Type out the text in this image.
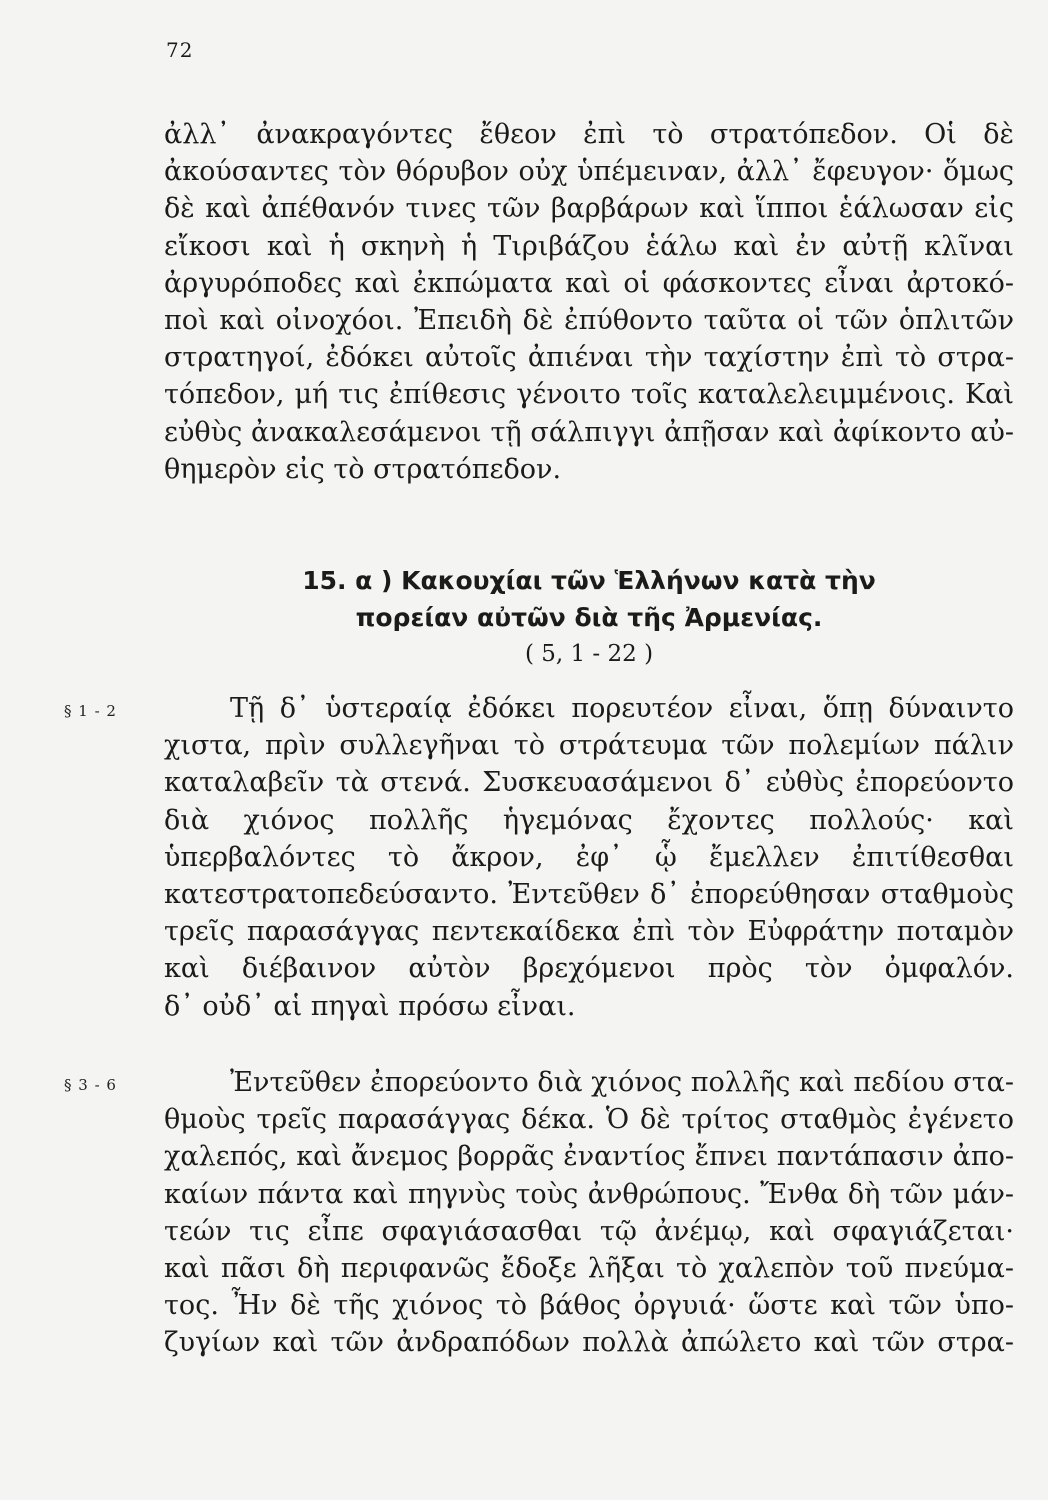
72
ἀλλ᾽ ἀνακραγόντες ἔθεον ἐπὶ τὸ στρατόπεδον. Οἱ δὲ
ἀκούσαντες τὸν θόρυβον οὐχ ὑπέμειναν, ἀλλ᾽ ἔφευγον· ὅμως
δὲ καὶ ἀπέθανόν τινες τῶν βαρβάρων καὶ ἵπποι ἑάλωσαν εἰς
εἴκοσι καὶ ἡ σκηνὴ ἡ Τιριβάζου ἑάλω καὶ ἐν αὐτῇ κλῖναι
ἀργυρόποδες καὶ ἐκπώματα καὶ οἱ φάσκοντες εἶναι ἀρτοκό-
ποὶ καὶ οἰνοχόοι. Ἐπειδὴ δὲ ἐπύθοντο ταῦτα οἱ τῶν ὁπλιτῶν
στρατηγοί, ἐδόκει αὐτοῖς ἀπιέναι τὴν ταχίστην ἐπὶ τὸ στρα-
τόπεδον, μή τις ἐπίθεσις γένοιτο τοῖς καταλελειμμένοις. Καὶ
εὐθὺς ἀνακαλεσάμενοι τῇ σάλπιγγι ἀπῇσαν καὶ ἀφίκοντο αὐ-
θημερὸν εἰς τὸ στρατόπεδον.
15. α ) Κακουχίαι τῶν Ἑλλήνων κατὰ τὴν
πορείαν αὐτῶν διὰ τῆς Ἀρμενίας.
( 5, 1 - 22 )
§ 1 - 2	Τῇ δ᾽ ὑστεραίᾳ ἐδόκει πορευτέον εἶναι, ὅπῃ δύναιντο
χιστα, πρὶν συλλεγῆναι τὸ στράτευμα τῶν πολεμίων πάλιν
καταλαβεῖν τὰ στενά. Συσκευασάμενοι δ᾽ εὐθὺς ἐπορεύοντο
διὰ χιόνος πολλῆς ἡγεμόνας ἔχοντες πολλούς· καὶ
ὑπερβαλόντες τὸ ἄκρον, ἐφ᾽ ᾧ ἔμελλεν ἐπιτίθεσθαι
κατεστρατοπεδεύσαντο. Ἐντεῦθεν δ᾽ ἐπορεύθησαν σταθμοὺς
τρεῖς παρασάγγας πεντεκαίδεκα ἐπὶ τὸν Εὐφράτην ποταμὸν
καὶ διέβαινον αὐτὸν βρεχόμενοι πρὸς τὸν ὀμφαλόν.
δ᾽ οὐδ᾽ αἱ πηγαὶ πρόσω εἶναι.
§ 3 - 6	Ἐντεῦθεν ἐπορεύοντο διὰ χιόνος πολλῆς καὶ πεδίου στα-
θμοὺς τρεῖς παρασάγγας δέκα. Ὁ δὲ τρίτος σταθμὸς ἐγένετο
χαλεπός, καὶ ἄνεμος βορρᾶς ἐναντίος ἔπνει παντάπασιν ἀπο-
καίων πάντα καὶ πηγνὺς τοὺς ἀνθρώπους. Ἔνθα δὴ τῶν μάν-
τεών τις εἶπε σφαγιάσασθαι τῷ ἀνέμῳ, καὶ σφαγιάζεται·
καὶ πᾶσι δὴ περιφανῶς ἔδοξε λῆξαι τὸ χαλεπὸν τοῦ πνεύμα-
τος. Ἦν δὲ τῆς χιόνος τὸ βάθος ὀργυιά· ὥστε καὶ τῶν ὑπο-
ζυγίων καὶ τῶν ἀνδραπόδων πολλὰ ἀπώλετο καὶ τῶν στρα-
